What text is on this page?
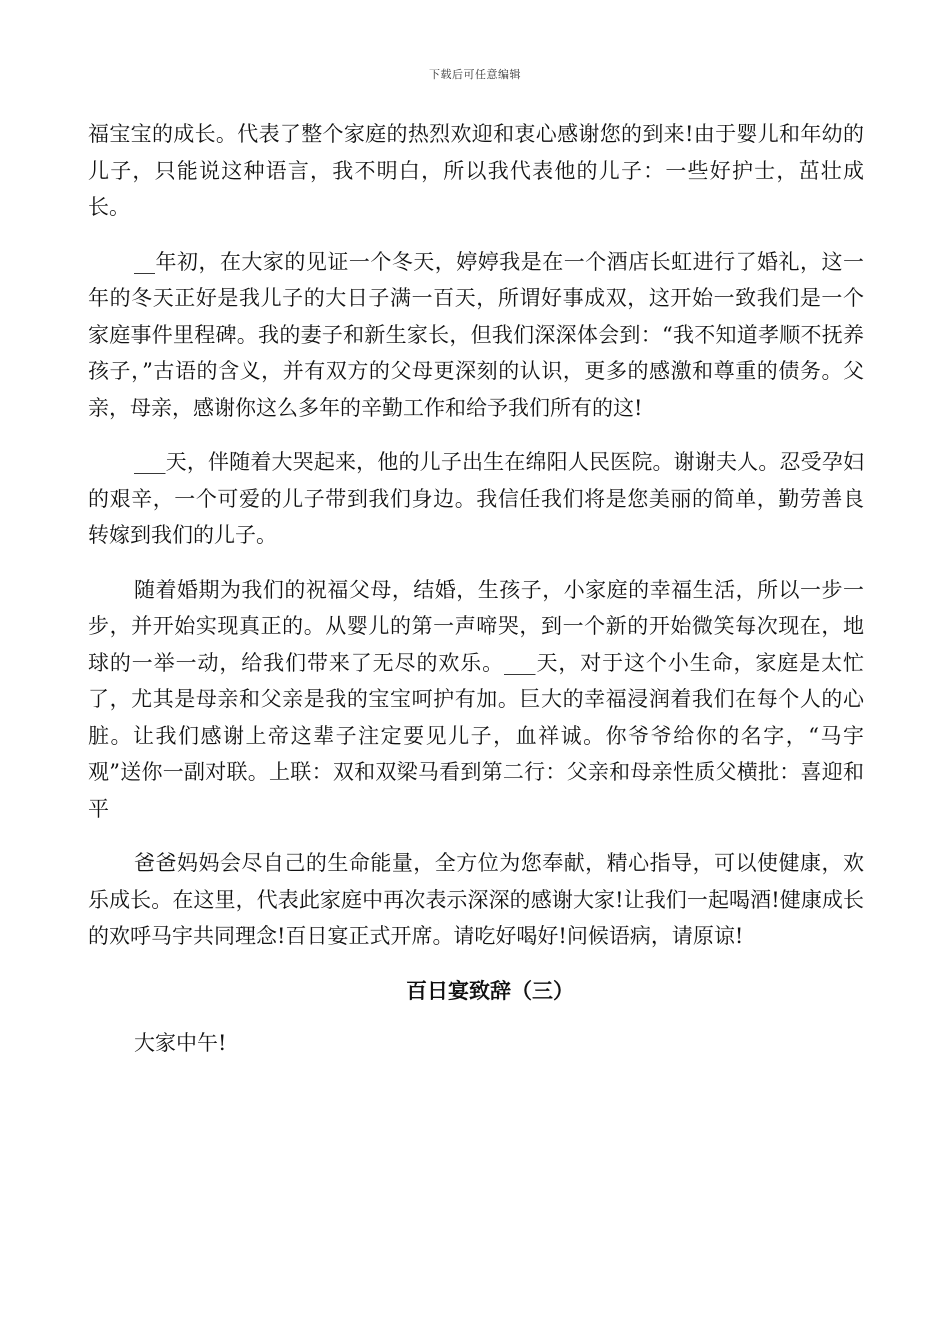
下载后可任意编辑

福宝宝的成长。代表了整个家庭的热烈欢迎和衷心感谢您的到来!由于婴儿和年幼的儿子，只能说这种语言，我不明白，所以我代表他的儿子：一些好护士，茁壮成长。

__年初，在大家的见证一个冬天，婷婷我是在一个酒店长虹进行了婚礼，这一年的冬天正好是我儿子的大日子满一百天，所谓好事成双，这开始一致我们是一个家庭事件里程碑。我的妻子和新生家长，但我们深深体会到：“我不知道孝顺不抚养孩子，”古语的含义，并有双方的父母更深刻的认识，更多的感激和尊重的债务。父亲，母亲，感谢你这么多年的辛勤工作和给予我们所有的这!

___天，伴随着大哭起来，他的儿子出生在绵阳人民医院。谢谢夫人。忍受孕妇的艰辛，一个可爱的儿子带到我们身边。我信任我们将是您美丽的简单，勤劳善良转嫁到我们的儿子。

随着婚期为我们的祝福父母，结婚，生孩子，小家庭的幸福生活，所以一步一步，并开始实现真正的。从婴儿的第一声啼哭，到一个新的开始微笑每次现在，地球的一举一动，给我们带来了无尽的欢乐。___天，对于这个小生命，家庭是太忙了，尤其是母亲和父亲是我的宝宝呵护有加。巨大的幸福浸润着我们在每个人的心脏。让我们感谢上帝这辈子注定要见儿子，血祥诚。你爷爷给你的名字，“马宇观”送你一副对联。上联：双和双梁马看到第二行：父亲和母亲性质父横批：喜迎和平

爸爸妈妈会尽自己的生命能量，全方位为您奉献，精心指导，可以使健康，欢乐成长。在这里，代表此家庭中再次表示深深的感谢大家!让我们一起喝酒!健康成长的欢呼马宇共同理念!百日宴正式开席。请吃好喝好!问候语病，请原谅!

百日宴致辞（三）

大家中午!
